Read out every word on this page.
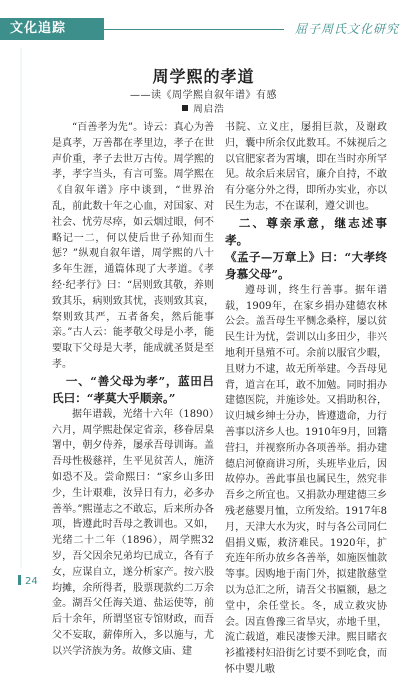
文化追踪	屈子周氏文化研究
周学熙的孝道
——读《周学熙自叙年谱》有感
周启浩

“百善孝为先”。诗云：真心为善是真孝，万善都在孝里边，孝子在世声价重，孝子去世万古传。周学熙的孝，孝字当头，有言可鉴。周学熙在《自叙年谱》序中谈到，“世界治乱，前此数十年之心血，对国家、对社会、忧劳尽瘁，如云烟过眼，何不略记一二，何以使后世子孙知而生惩？”纵观自叙年谱，周学熙的八十多年生涯，通篇体现了大孝道。《孝经·纪孝行》曰：“居则致其敬，养则致其乐，病则致其忧，丧则致其哀，祭则致其严，五者备矣，然后能事亲。”古人云：能孝敬父母是小孝，能要取下父母是大孝，能成就圣贤是至孝。

一、“善父母为孝”，蓝田吕氏曰：“孝莫大乎顺亲。”

据年谱载，光绪十六年（1890）六月，周学熙赴保定省亲，移眷居臬署中，朝夕侍养，屡承吾母训诲。盖吾母性极慈祥，生平见贫苦人，施济如恐不及。尝命熙曰：“家乡山多田少，生计艰难，汝异日有力，必多办善举。”熙谨志之不敢忘，后来所办各项，皆遵此时吾母之教训也。又如，光绪二十二年（1896），周学熙32岁，吾父因余兄弟均已成立，各有子女，应谋自立，遂分析家产。按六股均摊，余所得者，股票现款约二万余金。湖吾父任海关道、盐运使等，前后十余年，所谓坚宦专馆财政，而吾父不妄取，薪俸所入，多以施与，尤以兴学济族为务。故修文庙、建

书院、立义庄，屡捐巨款，及谢政归，囊中所余仅此数耳。不妹视后之以官肥家者为霄壤，即在当时亦所罕见。故余后来居官，廉介自持，不敢有分毫分外之得，即所办实业，亦以民生为志，不在谋利，遵父训也。

二、尊亲承意，继志述事孝。
《孟子—万章上》曰：“大孝终身慕父母”。

遵母训，终生行善事。据年谱载，1909年，在家乡捐办建德农林公会。盖吾母生平恻念桑梓，屡以贫民生计为忧，尝训以山多田少，非兴地利开垦殖不可。余前以服官少暇，且财力不逮，故无所举建。今吾母见背，道言在耳，敢不加勉。同时捐办建德医院，并施诊处。又捐助积谷，议归城乡绅士分办，皆遵遗命，力行善事以济乡人也。1910年9月，回籍营扫，并视察所办各项善举。捐办建德启河僚商讲习所，头班毕业后，因故停办。善此事虽也属民生，然究非吾乡之所宜也。又捐款办理建德三乡残老慈婴月恤，立所发给。1917年8月，天津大水为灾，时与各公司同仁倡捐义赈，救济难民。1920年，扩充连年所办放乡各善举，如施医恤款等事。因购地于南门外，拟建散慈堂以为总汇之所，请吾父书匾额，悬之堂中，余任堂长。冬，成立救灾协会。因直鲁豫三省旱灾，赤地千里，流亡载道，难民凄惨天津。熙目睹衣衫褴褛村妇沿街乞讨要不到吃食，而怀中婴儿嗷

24
